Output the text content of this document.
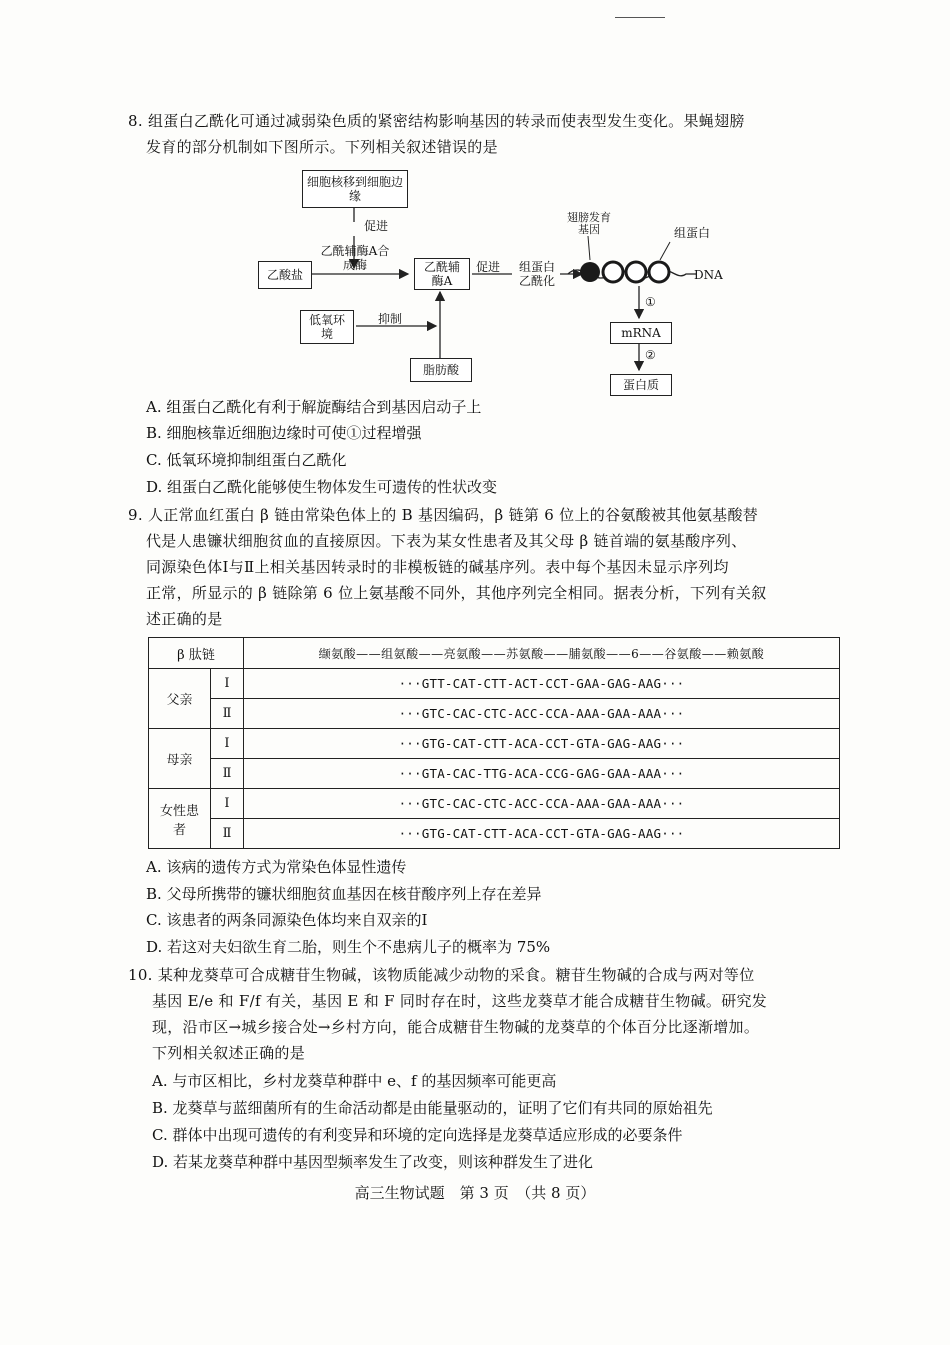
8. 组蛋白乙酰化可通过减弱染色质的紧密结构影响基因的转录而使表型发生变化。果蝇翅膀
发育的部分机制如下图所示。下列相关叙述错误的是
细胞核移到细胞边缘
促进
乙酰辅酶A合成酶
乙酸盐
乙酰辅酶A
促进	组蛋白乙酰化
低氧环境
抑制
脂肪酸
翅膀发育基因	组蛋白
DNA
①
mRNA
②
蛋白质
A. 组蛋白乙酰化有利于解旋酶结合到基因启动子上
B. 细胞核靠近细胞边缘时可使①过程增强
C. 低氧环境抑制组蛋白乙酰化
D. 组蛋白乙酰化能够使生物体发生可遗传的性状改变
9. 人正常血红蛋白 β 链由常染色体上的 B 基因编码，β 链第 6 位上的谷氨酸被其他氨基酸替
代是人患镰状细胞贫血的直接原因。下表为某女性患者及其父母 β 链首端的氨基酸序列、
同源染色体Ⅰ与Ⅱ上相关基因转录时的非模板链的碱基序列。表中每个基因未显示序列均
正常，所显示的 β 链除第 6 位上氨基酸不同外，其他序列完全相同。据表分析，下列有关叙
述正确的是
β 肽链		缬氨酸——组氨酸——亮氨酸——苏氨酸——脯氨酸——6——谷氨酸——赖氨酸
父亲	Ⅰ	···GTT-CAT-CTT-ACT-CCT-GAA-GAG-AAG···
	Ⅱ	···GTC-CAC-CTC-ACC-CCA-AAA-GAA-AAA···
母亲	Ⅰ	···GTG-CAT-CTT-ACA-CCT-GTA-GAG-AAG···
	Ⅱ	···GTA-CAC-TTG-ACA-CCG-GAG-GAA-AAA···
女性患者	Ⅰ	···GTC-CAC-CTC-ACC-CCA-AAA-GAA-AAA···
	Ⅱ	···GTG-CAT-CTT-ACA-CCT-GTA-GAG-AAG···
A. 该病的遗传方式为常染色体显性遗传
B. 父母所携带的镰状细胞贫血基因在核苷酸序列上存在差异
C. 该患者的两条同源染色体均来自双亲的Ⅰ
D. 若这对夫妇欲生育二胎，则生个不患病儿子的概率为 75%
10. 某种龙葵草可合成糖苷生物碱，该物质能减少动物的采食。糖苷生物碱的合成与两对等位
基因 E/e 和 F/f 有关，基因 E 和 F 同时存在时，这些龙葵草才能合成糖苷生物碱。研究发
现，沿市区→城乡接合处→乡村方向，能合成糖苷生物碱的龙葵草的个体百分比逐渐增加。
下列相关叙述正确的是
A. 与市区相比，乡村龙葵草种群中 e、f 的基因频率可能更高
B. 龙葵草与蓝细菌所有的生命活动都是由能量驱动的，证明了它们有共同的原始祖先
C. 群体中出现可遗传的有利变异和环境的定向选择是龙葵草适应形成的必要条件
D. 若某龙葵草种群中基因型频率发生了改变，则该种群发生了进化
高三生物试题　第 3 页　（共 8 页）
